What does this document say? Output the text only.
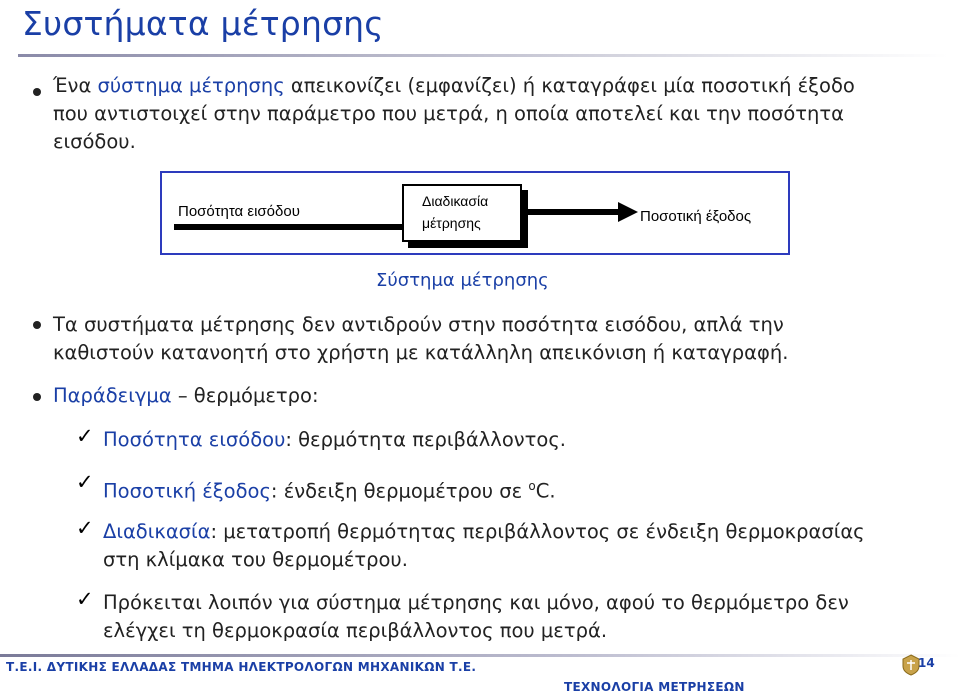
Συστήματα μέτρησης
Ένα σύστημα μέτρησης απεικονίζει (εμφανίζει) ή καταγράφει μία ποσοτική έξοδο
που αντιστοιχεί στην παράμετρο που μετρά, η οποία αποτελεί και την ποσότητα
εισόδου.
Ποσότητα εισόδου
Διαδικασία
μέτρησης	Ποσοτική έξοδος
Σύστημα μέτρησης
Τα συστήματα μέτρησης δεν αντιδρούν στην ποσότητα εισόδου, απλά την
καθιστούν κατανοητή στο χρήστη με κατάλληλη απεικόνιση ή καταγραφή.
Παράδειγμα – θερμόμετρο:
✓ Ποσότητα εισόδου: θερμότητα περιβάλλοντος.
✓ Ποσοτική έξοδος: ένδειξη θερμομέτρου σε $^o$C.
✓ Διαδικασία: μετατροπή θερμότητας περιβάλλοντος σε ένδειξη θερμοκρασίας
στη κλίμακα του θερμομέτρου.
✓ Πρόκειται λοιπόν για σύστημα μέτρησης και μόνο, αφού το θερμόμετρο δεν
ελέγχει τη θερμοκρασία περιβάλλοντος που μετρά.
Τ.Ε.Ι. ΔΥΤΙΚΗΣ ΕΛΛΑΔΑΣ ΤΜΗΜΑ ΗΛΕΚΤΡΟΛΟΓΩΝ ΜΗΧΑΝΙΚΩΝ Τ.Ε.
ΤΕΧΝΟΛΟΓΙΑ ΜΕΤΡΗΣΕΩΝ
14
